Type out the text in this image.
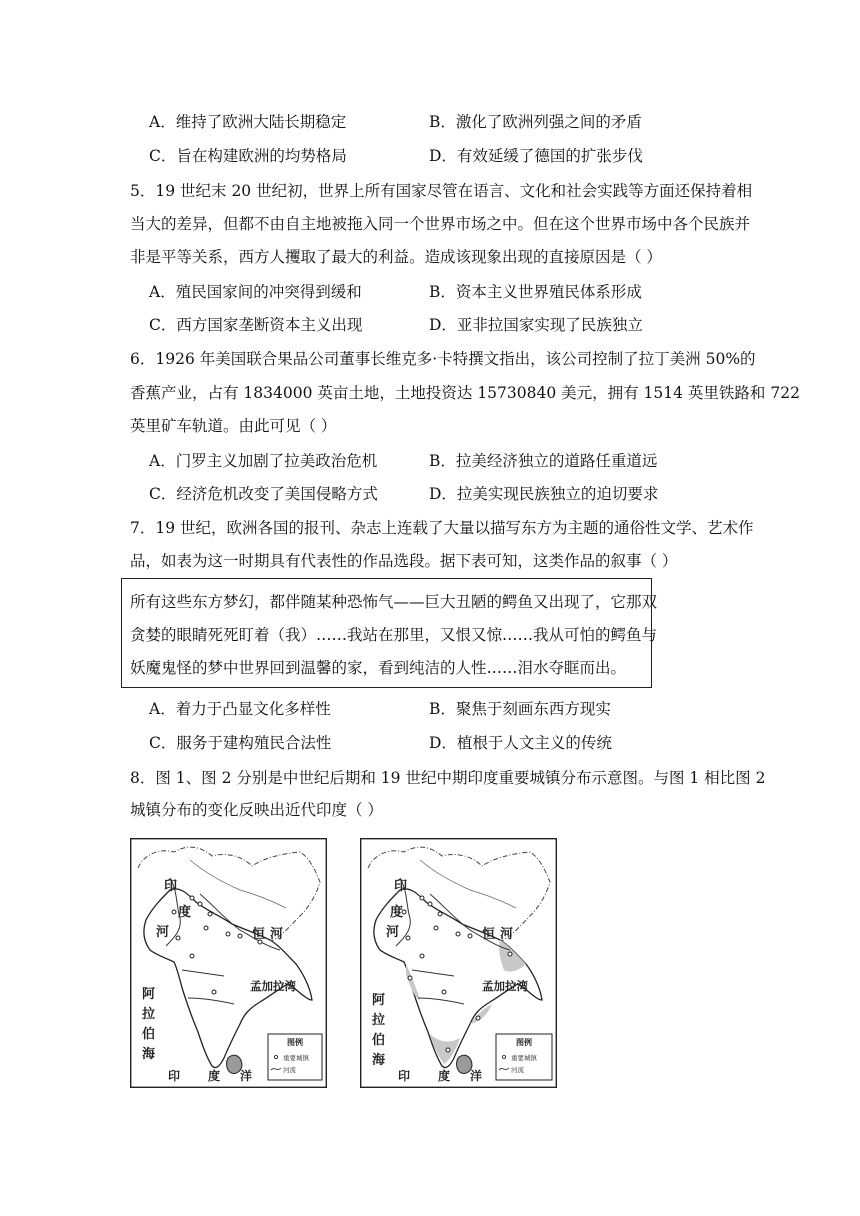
A．维持了欧洲大陆长期稳定	B．激化了欧洲列强之间的矛盾
C．旨在构建欧洲的均势格局	D．有效延缓了德国的扩张步伐
5．19 世纪末 20 世纪初，世界上所有国家尽管在语言、文化和社会实践等方面还保持着相
当大的差异，但都不由自主地被拖入同一个世界市场之中。但在这个世界市场中各个民族并
非是平等关系，西方人攫取了最大的利益。造成该现象出现的直接原因是（ ）
A．殖民国家间的冲突得到缓和	B．资本主义世界殖民体系形成
C．西方国家垄断资本主义出现	D．亚非拉国家实现了民族独立
6．1926 年美国联合果品公司董事长维克多·卡特撰文指出，该公司控制了拉丁美洲 50%的
香蕉产业，占有 1834000 英亩土地，土地投资达 15730840 美元，拥有 1514 英里铁路和 722
英里矿车轨道。由此可见（ ）
A．门罗主义加剧了拉美政治危机	B．拉美经济独立的道路任重道远
C．经济危机改变了美国侵略方式	D．拉美实现民族独立的迫切要求
7．19 世纪，欧洲各国的报刊、杂志上连载了大量以描写东方为主题的通俗性文学、艺术作
品，如表为这一时期具有代表性的作品选段。据下表可知，这类作品的叙事（ ）
所有这些东方梦幻，都伴随某种恐怖气——巨大丑陋的鳄鱼又出现了，它那双
贪婪的眼睛死死盯着（我）……我站在那里，又恨又惊……我从可怕的鳄鱼与
妖魔鬼怪的梦中世界回到温馨的家，看到纯洁的人性……泪水夺眶而出。
A．着力于凸显文化多样性	B．聚焦于刻画东西方现实
C．服务于建构殖民合法性	D．植根于人文主义的传统
8．图 1、图 2 分别是中世纪后期和 19 世纪中期印度重要城镇分布示意图。与图 1 相比图 2
城镇分布的变化反映出近代印度（ ）
印
度
河	恒 河
孟加拉湾
阿
拉
伯
海
印 度 洋
图例
重要城镇
河流
印
度
河	恒 河
孟加拉湾
阿
拉
伯
海
印 度 洋
图例
重要城镇
河流
